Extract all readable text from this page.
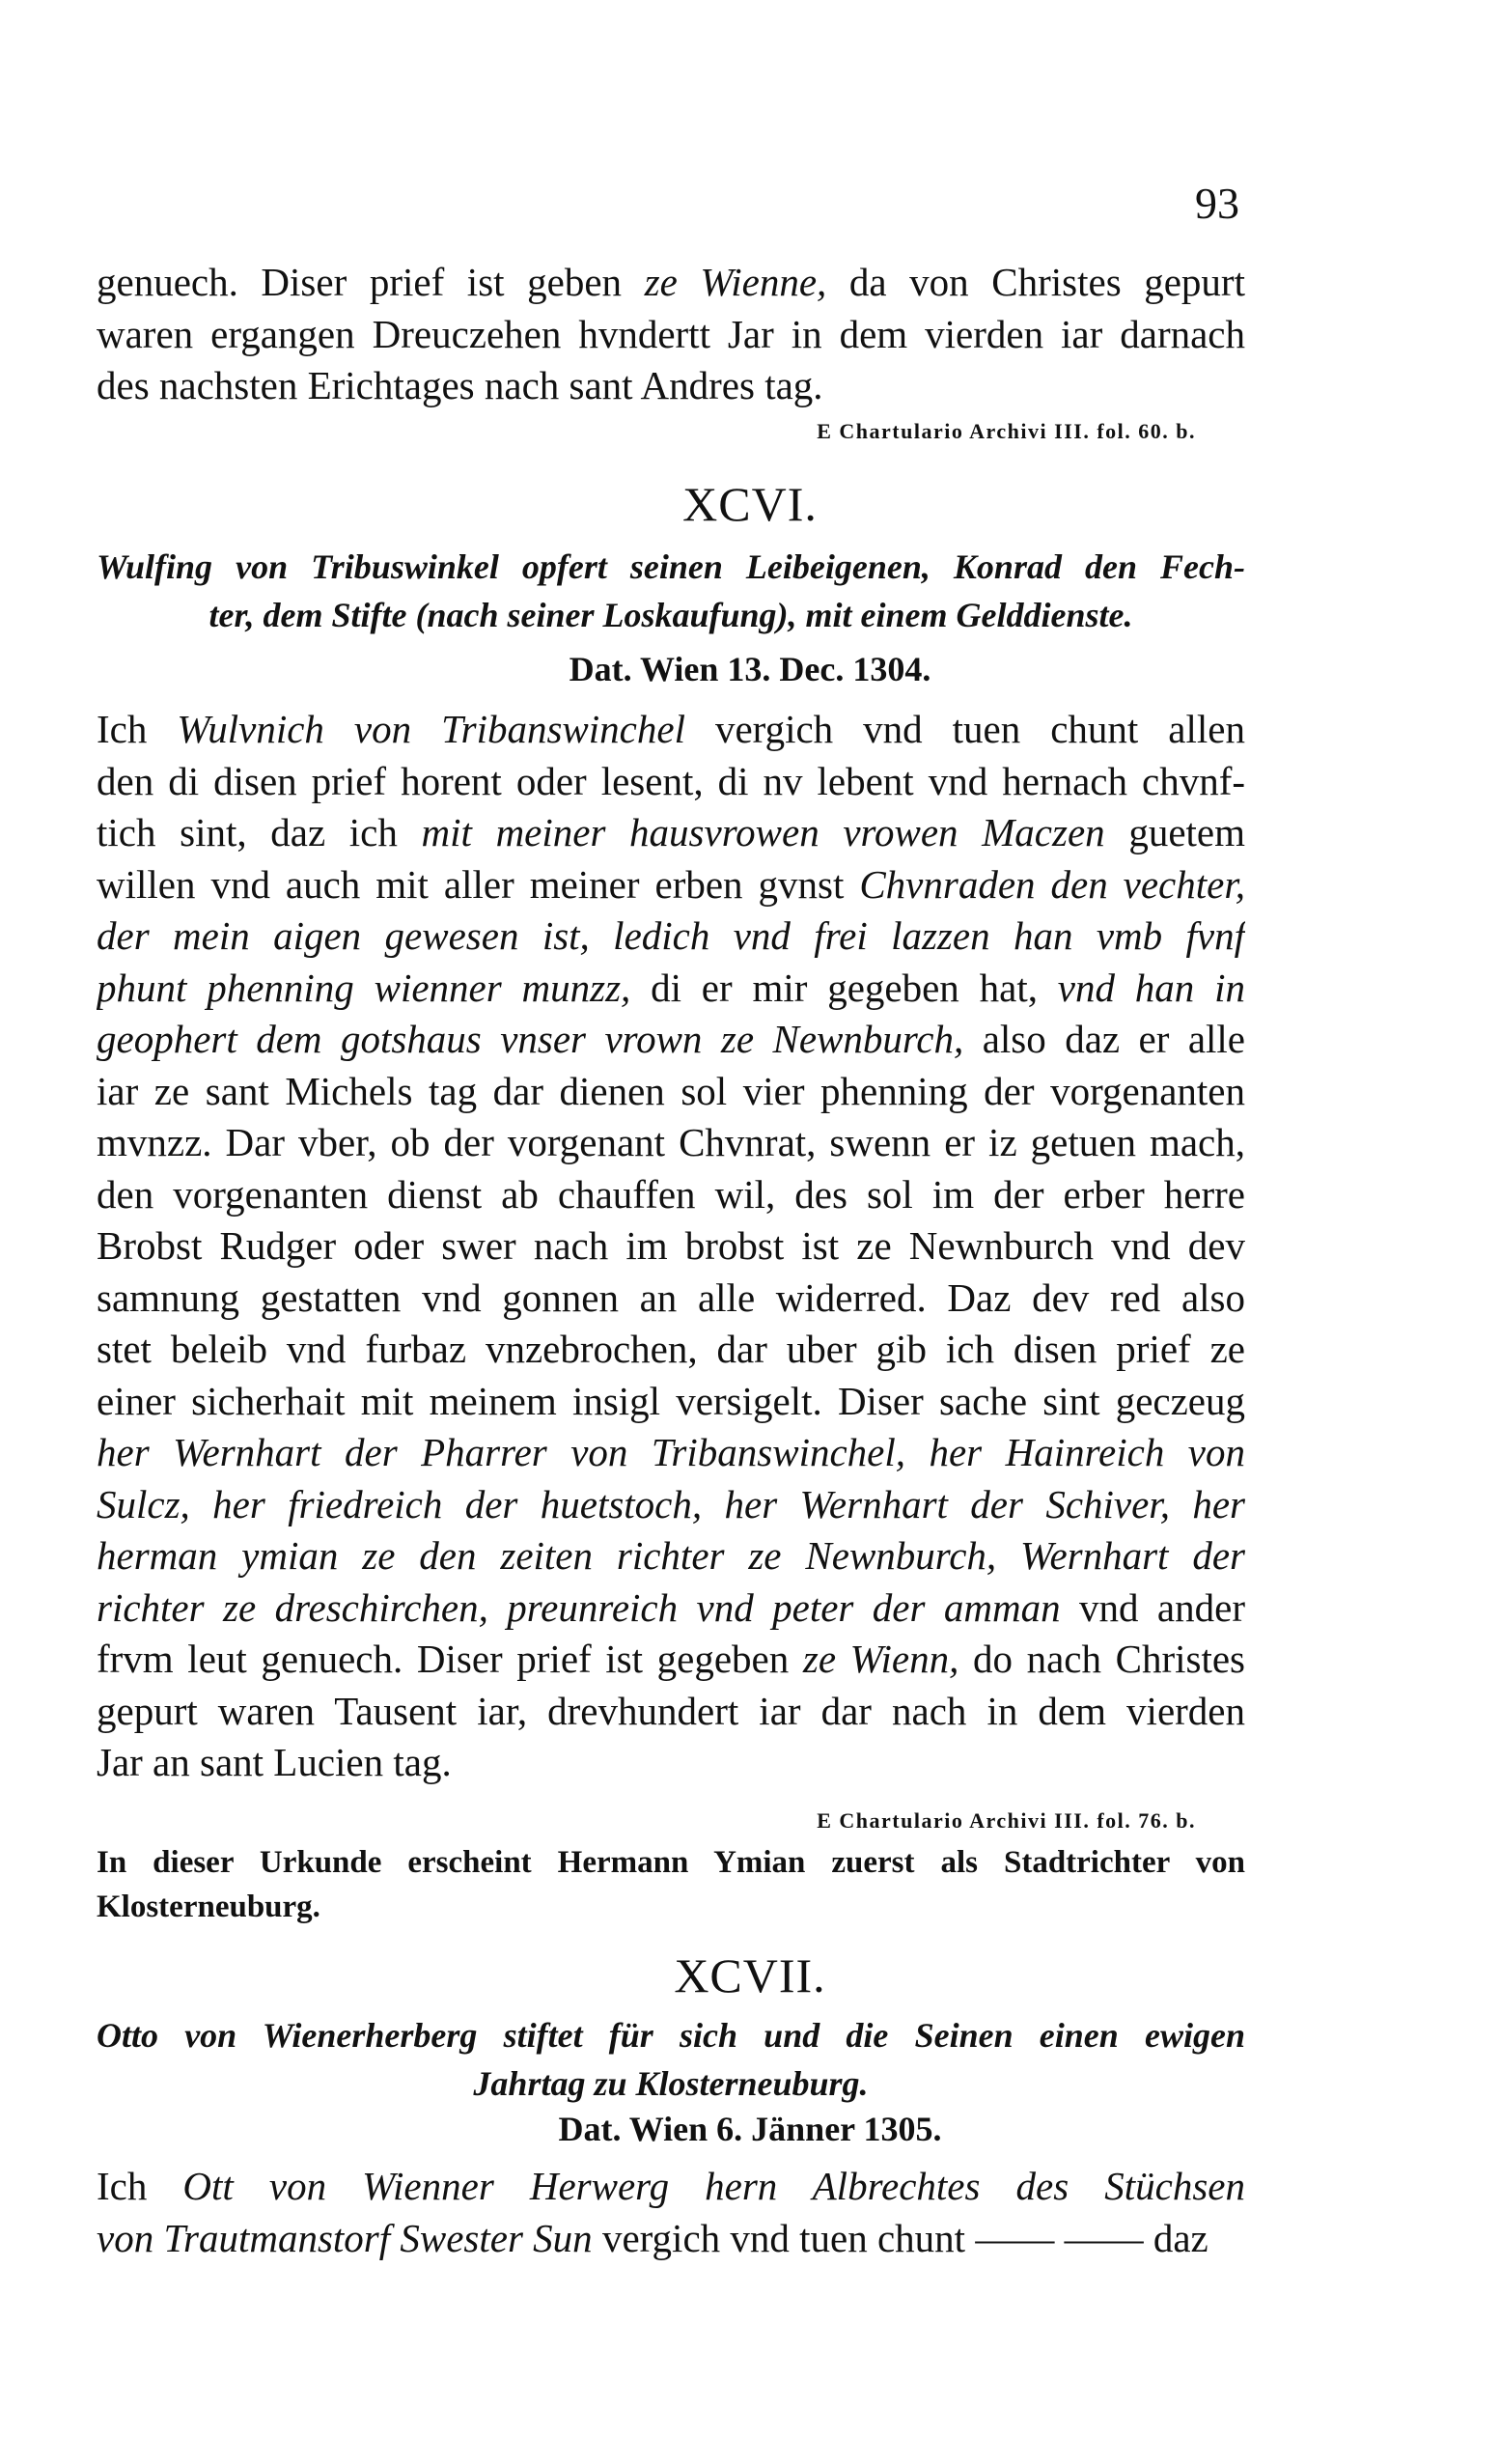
93
genuech. Diser prief ist geben ze Wienne, da von Christes gepurt
waren ergangen Dreuczehen hvndertt Jar in dem vierden iar darnach
des nachsten Erichtages nach sant Andres tag.
E Chartulario Archivi III. fol. 60. b.
XCVI.
Wulfing von Tribuswinkel opfert seinen Leibeigenen, Konrad den Fech-
ter, dem Stifte (nach seiner Loskaufung), mit einem Gelddienste.
Dat. Wien 13. Dec. 1304.
Ich Wulvnich von Tribanswinchel vergich vnd tuen chunt allen
den di disen prief horent oder lesent, di nv lebent vnd hernach chvnf-
tich sint, daz ich mit meiner hausvrowen vrowen Maczen guetem
willen vnd auch mit aller meiner erben gvnst Chvnraden den vechter,
der mein aigen gewesen ist, ledich vnd frei lazzen han vmb fvnf
phunt phenning wienner munzz, di er mir gegeben hat, vnd han in
geophert dem gotshaus vnser vrown ze Newnburch, also daz er alle
iar ze sant Michels tag dar dienen sol vier phenning der vorgenanten
mvnzz. Dar vber, ob der vorgenant Chvnrat, swenn er iz getuen mach,
den vorgenanten dienst ab chauffen wil, des sol im der erber herre
Brobst Rudger oder swer nach im brobst ist ze Newnburch vnd dev
samnung gestatten vnd gonnen an alle widerred. Daz dev red also
stet beleib vnd furbaz vnzebrochen, dar uber gib ich disen prief ze
einer sicherhait mit meinem insigl versigelt. Diser sache sint geczeug
her Wernhart der Pharrer von Tribanswinchel, her Hainreich von
Sulcz, her friedreich der huetstoch, her Wernhart der Schiver, her
herman ymian ze den zeiten richter ze Newnburch, Wernhart der
richter ze dreschirchen, preunreich vnd peter der amman vnd ander
frvm leut genuech. Diser prief ist gegeben ze Wienn, do nach Christes
gepurt waren Tausent iar, drevhundert iar dar nach in dem vierden
Jar an sant Lucien tag.
E Chartulario Archivi III. fol. 76. b.
In dieser Urkunde erscheint Hermann Ymian zuerst als Stadtrichter von
Klosterneuburg.
XCVII.
Otto von Wienerherberg stiftet für sich und die Seinen einen ewigen
Jahrtag zu Klosterneuburg.
Dat. Wien 6. Jänner 1305.
Ich Ott von Wienner Herwerg hern Albrechtes des Stüchsen
von Trautmanstorf Swester Sun vergich vnd tuen chunt —— —— daz
